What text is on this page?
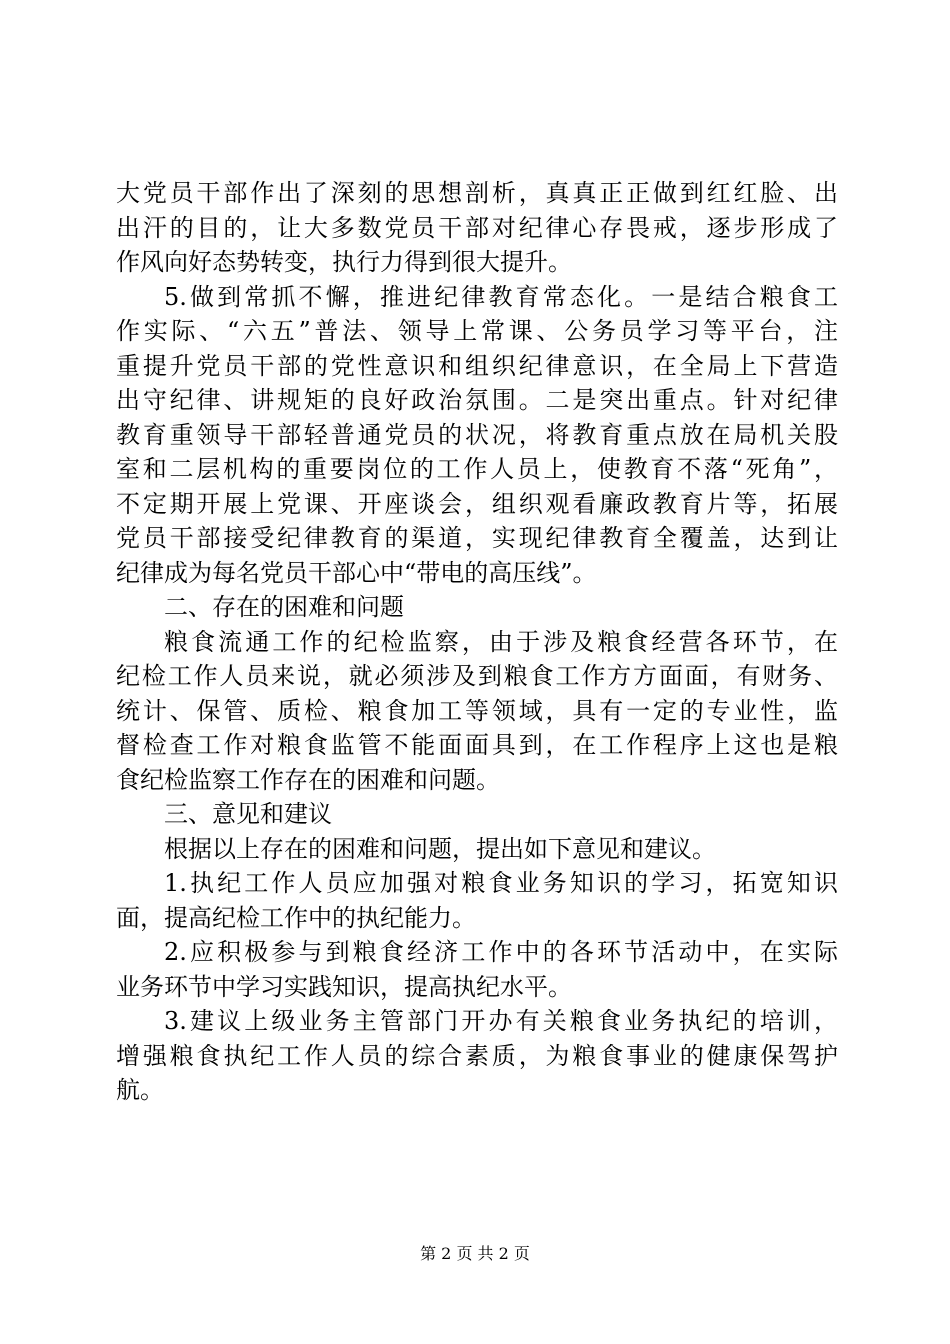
大党员干部作出了深刻的思想剖析，真真正正做到红红脸、出
出汗的目的，让大多数党员干部对纪律心存畏戒，逐步形成了
作风向好态势转变，执行力得到很大提升。
5.做到常抓不懈，推进纪律教育常态化。一是结合粮食工
作实际、“六五”普法、领导上常课、公务员学习等平台，注
重提升党员干部的党性意识和组织纪律意识，在全局上下营造
出守纪律、讲规矩的良好政治氛围。二是突出重点。针对纪律
教育重领导干部轻普通党员的状况，将教育重点放在局机关股
室和二层机构的重要岗位的工作人员上，使教育不落“死角”，
不定期开展上党课、开座谈会，组织观看廉政教育片等，拓展
党员干部接受纪律教育的渠道，实现纪律教育全覆盖，达到让
纪律成为每名党员干部心中“带电的高压线”。
二、存在的困难和问题
粮食流通工作的纪检监察，由于涉及粮食经营各环节，在
纪检工作人员来说，就必须涉及到粮食工作方方面面，有财务、
统计、保管、质检、粮食加工等领域，具有一定的专业性，监
督检查工作对粮食监管不能面面具到，在工作程序上这也是粮
食纪检监察工作存在的困难和问题。
三、意见和建议
根据以上存在的困难和问题，提出如下意见和建议。
1.执纪工作人员应加强对粮食业务知识的学习，拓宽知识
面，提高纪检工作中的执纪能力。
2.应积极参与到粮食经济工作中的各环节活动中，在实际
业务环节中学习实践知识，提高执纪水平。
3.建议上级业务主管部门开办有关粮食业务执纪的培训，
增强粮食执纪工作人员的综合素质，为粮食事业的健康保驾护
航。
第 2 页 共 2 页
